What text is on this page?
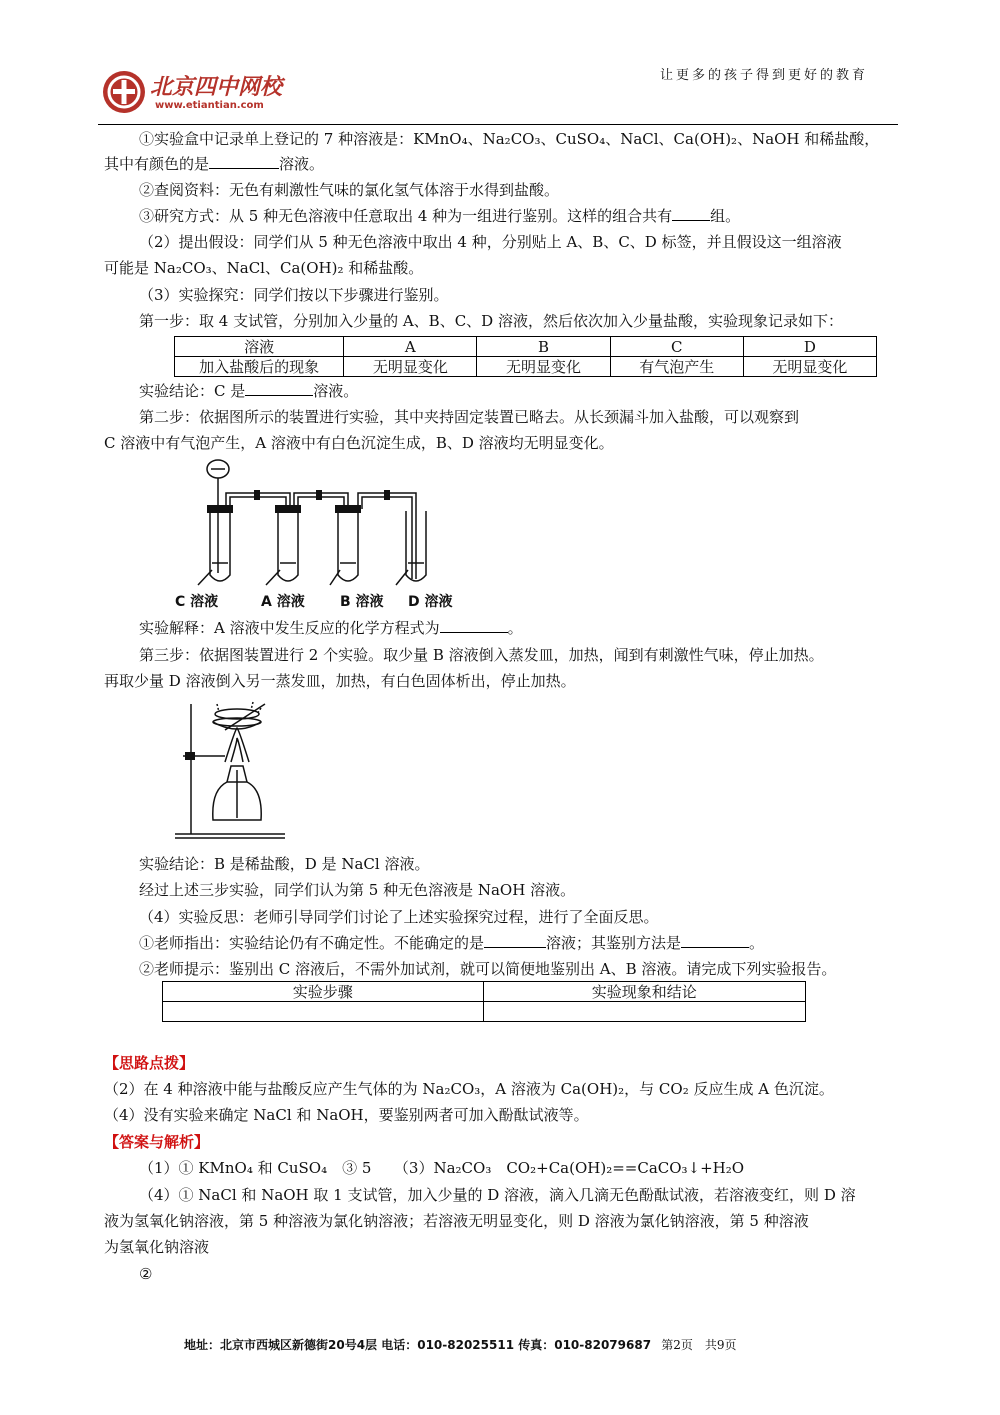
北京四中网校
www.etiantian.com
让更多的孩子得到更好的教育
①实验盒中记录单上登记的 7 种溶液是：KMnO₄、Na₂CO₃、CuSO₄、NaCl、Ca(OH)₂、NaOH 和稀盐酸，
其中有颜色的是	溶液。
②查阅资料：无色有刺激性气味的氯化氢气体溶于水得到盐酸。
③研究方式：从 5 种无色溶液中任意取出 4 种为一组进行鉴别。这样的组合共有	组。
（2）提出假设：同学们从 5 种无色溶液中取出 4 种，分别贴上 A、B、C、D 标签，并且假设这一组溶液
可能是 Na₂CO₃、NaCl、Ca(OH)₂ 和稀盐酸。
（3）实验探究：同学们按以下步骤进行鉴别。
第一步：取 4 支试管，分别加入少量的 A、B、C、D 溶液，然后依次加入少量盐酸，实验现象记录如下：
溶液	A	B	C	D
加入盐酸后的现象	无明显变化	无明显变化	有气泡产生	无明显变化
实验结论：C 是	溶液。
第二步：依据图所示的装置进行实验，其中夹持固定装置已略去。从长颈漏斗加入盐酸，可以观察到
C 溶液中有气泡产生，A 溶液中有白色沉淀生成，B、D 溶液均无明显变化。
C 溶液	A 溶液	B 溶液 D 溶液
实验解释：A 溶液中发生反应的化学方程式为	。
第三步：依据图装置进行 2 个实验。取少量 B 溶液倒入蒸发皿，加热，闻到有刺激性气味，停止加热。
再取少量 D 溶液倒入另一蒸发皿，加热，有白色固体析出，停止加热。
实验结论：B 是稀盐酸，D 是 NaCl 溶液。
经过上述三步实验，同学们认为第 5 种无色溶液是 NaOH 溶液。
（4）实验反思：老师引导同学们讨论了上述实验探究过程，进行了全面反思。
①老师指出：实验结论仍有不确定性。不能确定的是	溶液；其鉴别方法是	。
②老师提示：鉴别出 C 溶液后，不需外加试剂，就可以简便地鉴别出 A、B 溶液。请完成下列实验报告。
实验步骤	实验现象和结论

【思路点拨】
（2）在 4 种溶液中能与盐酸反应产生气体的为 Na₂CO₃，A 溶液为 Ca(OH)₂，与 CO₂ 反应生成 A 色沉淀。
（4）没有实验来确定 NaCl 和 NaOH，要鉴别两者可加入酚酞试液等。
【答案与解析】
（1）① KMnO₄ 和 CuSO₄　③ 5　　（3）Na₂CO₃　CO₂+Ca(OH)₂==CaCO₃↓+H₂O
（4）① NaCl 和 NaOH 取 1 支试管，加入少量的 D 溶液，滴入几滴无色酚酞试液，若溶液变红，则 D 溶
液为氢氧化钠溶液，第 5 种溶液为氯化钠溶液；若溶液无明显变化，则 D 溶液为氯化钠溶液，第 5 种溶液
为氢氧化钠溶液
②
地址：北京市西城区新德街20号4层 电话：010-82025511 传真：010-82079687 第2页　共9页
